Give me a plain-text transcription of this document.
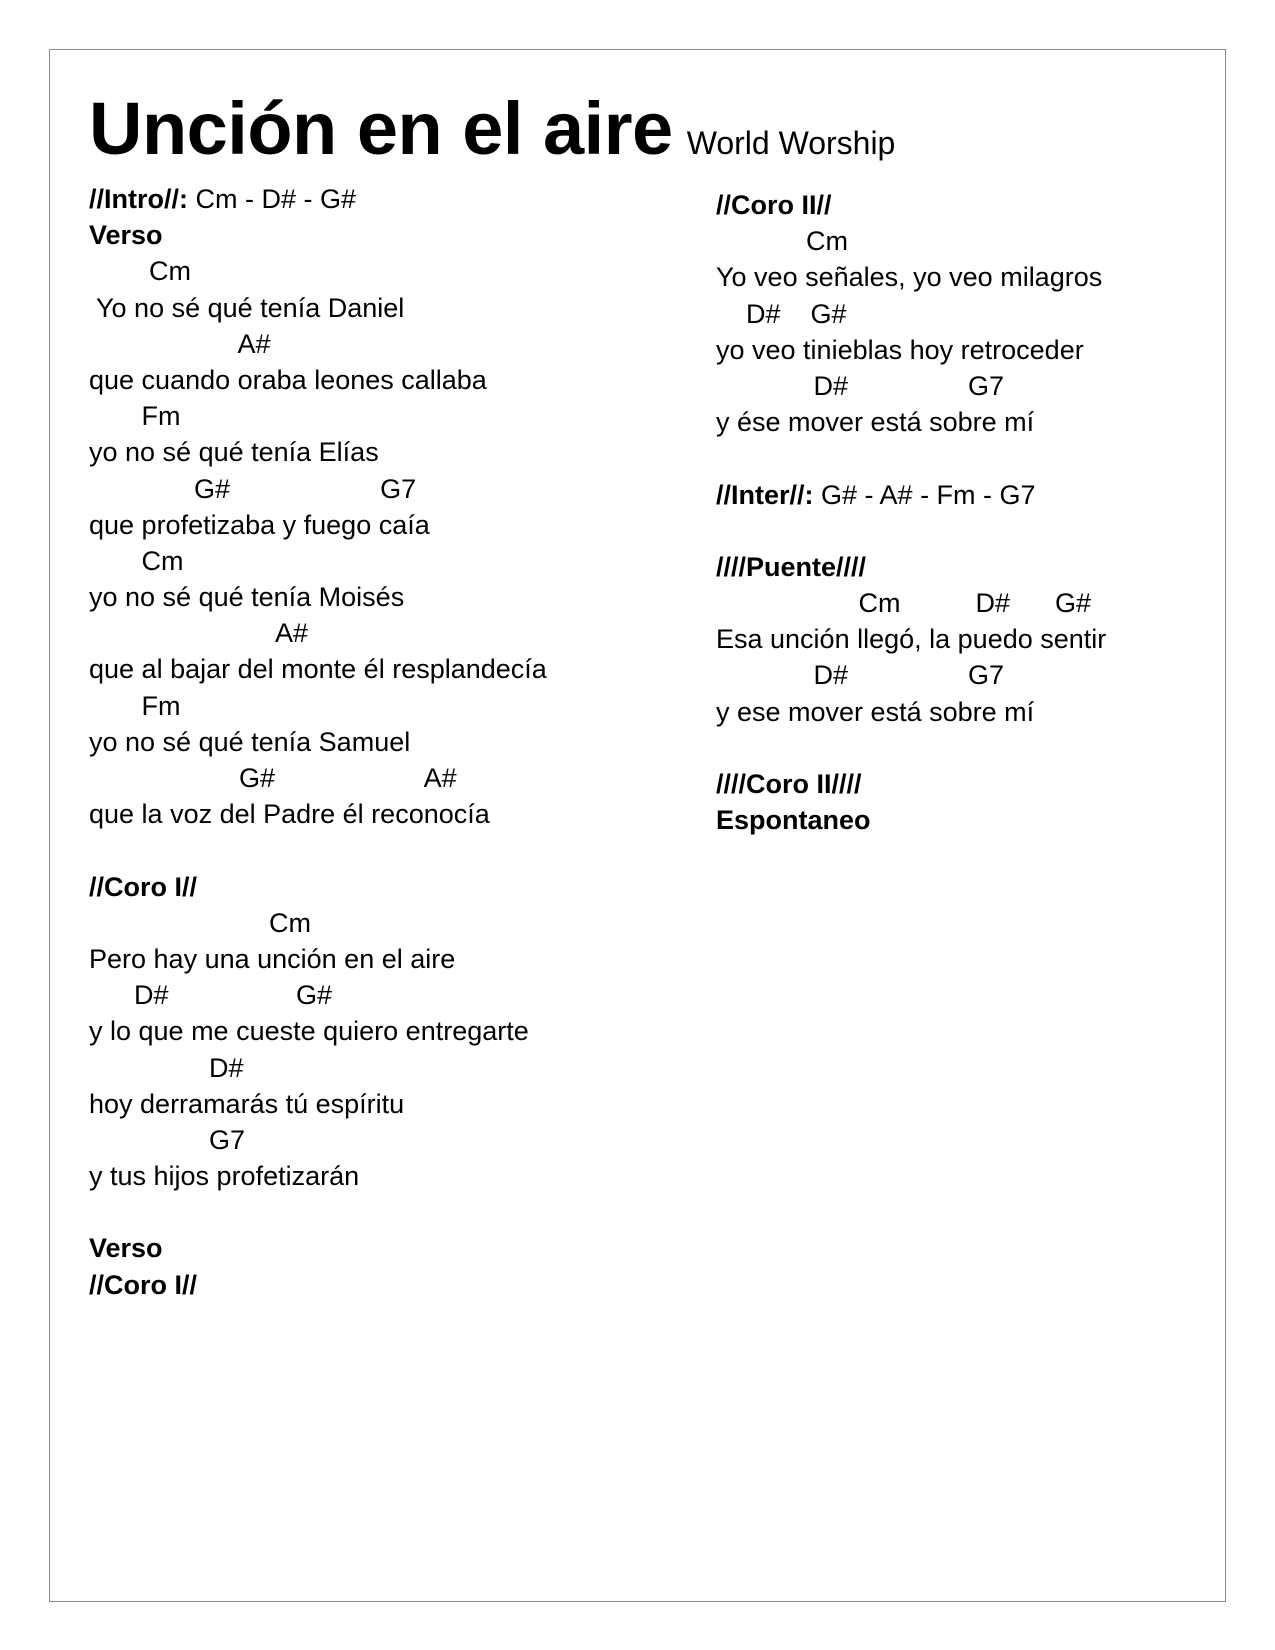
Unción en el aire World Worship
//Intro//: Cm - D# - G#
Verso
Cm
Yo no sé qué tenía Daniel
A#
que cuando oraba leones callaba
Fm
yo no sé qué tenía Elías
G#                    G7
que profetizaba y fuego caía
Cm
yo no sé qué tenía Moisés
A#
que al bajar del monte él resplandecía
Fm
yo no sé qué tenía Samuel
G#                    A#
que la voz del Padre él reconocía
//Coro I//
Cm
Pero hay una unción en el aire
D#                 G#
y lo que me cueste quiero entregarte
D#
hoy derramarás tú espíritu
G7
y tus hijos profetizarán
Verso
//Coro I//
//Coro II//
Cm
Yo veo señales, yo veo milagros
D#    G#
yo veo tinieblas hoy retroceder
D#                G7
y ése mover está sobre mí
//Inter//: G# - A# - Fm - G7
////Puente////
Cm          D#      G#
Esa unción llegó, la puedo sentir
D#                G7
y ese mover está sobre mí
////Coro II////
Espontaneo
